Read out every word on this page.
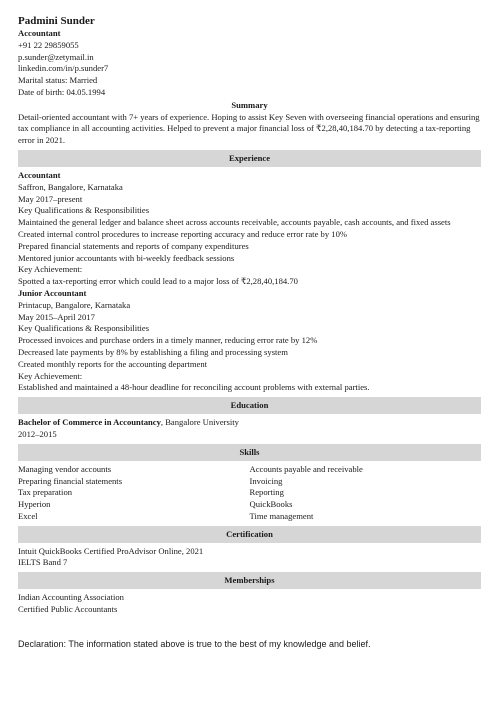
Padmini Sunder
Accountant
+91 22 29859055
p.sunder@zetymail.in
linkedin.com/in/p.sunder7
Marital status: Married
Date of birth: 04.05.1994
Summary
Detail-oriented accountant with 7+ years of experience. Hoping to assist Key Seven with overseeing financial operations and ensuring tax compliance in all accounting activities. Helped to prevent a major financial loss of ₹2,28,40,184.70 by detecting a tax-reporting error in 2021.
Experience
Accountant
Saffron, Bangalore, Karnataka
May 2017–present
Key Qualifications & Responsibilities
Maintained the general ledger and balance sheet across accounts receivable, accounts payable, cash accounts, and fixed assets
Created internal control procedures to increase reporting accuracy and reduce error rate by 10%
Prepared financial statements and reports of company expenditures
Mentored junior accountants with bi-weekly feedback sessions
Key Achievement:
Spotted a tax-reporting error which could lead to a major loss of ₹2,28,40,184.70
Junior Accountant
Printacup, Bangalore, Karnataka
May 2015–April 2017
Key Qualifications & Responsibilities
Processed invoices and purchase orders in a timely manner, reducing error rate by 12%
Decreased late payments by 8% by establishing a filing and processing system
Created monthly reports for the accounting department
Key Achievement:
Established and maintained a 48-hour deadline for reconciling account problems with external parties.
Education
Bachelor of Commerce in Accountancy, Bangalore University
2012–2015
Skills
Managing vendor accounts
Preparing financial statements
Tax preparation
Hyperion
Excel
Accounts payable and receivable
Invoicing
Reporting
QuickBooks
Time management
Certification
Intuit QuickBooks Certified ProAdvisor Online, 2021
IELTS Band 7
Memberships
Indian Accounting Association
Certified Public Accountants
Declaration: The information stated above is true to the best of my knowledge and belief.
